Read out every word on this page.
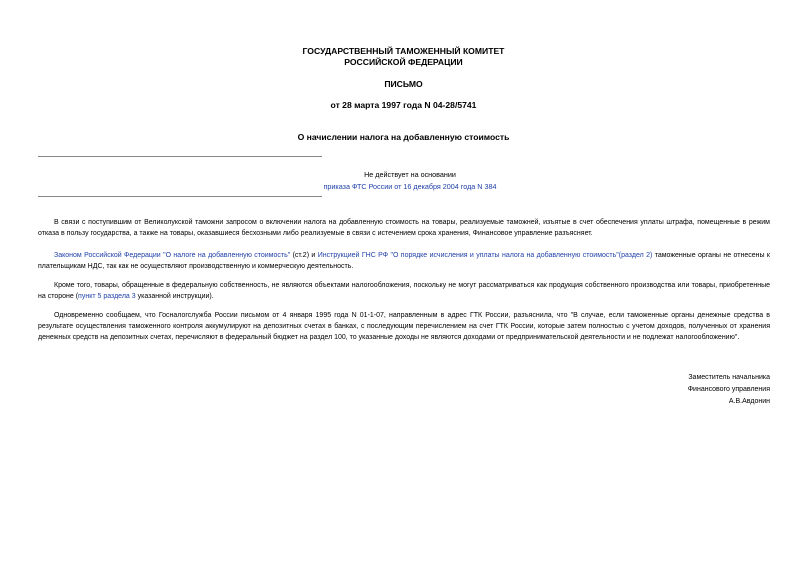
ГОСУДАРСТВЕННЫЙ ТАМОЖЕННЫЙ КОМИТЕТ
РОССИЙСКОЙ ФЕДЕРАЦИИ
ПИСЬМО
от 28 марта 1997 года N 04-28/5741
О начислении налога на добавленную стоимость
Не действует на основании
приказа ФТС России от 16 декабря 2004 года N 384

В связи с поступившим от Великолукской таможни запросом о включении налога на добавленную стоимость на товары, реализуемые таможней, изъятые в счет обеспечения уплаты штрафа, помещенные в режим отказа в пользу государства, а также на товары, оказавшиеся бесхозными либо реализуемые в связи с истечением срока хранения, Финансовое управление разъясняет.

Законом Российской Федерации "О налоге на добавленную стоимость" (ст.2) и Инструкцией ГНС РФ "О порядке исчисления и уплаты налога на добавленную стоимость"(раздел 2) таможенные органы не отнесены к плательщикам НДС, так как не осуществляют производственную и коммерческую деятельность.

Кроме того, товары, обращенные в федеральную собственность, не являются объектами налогообложения, поскольку не могут рассматриваться как продукция собственного производства или товары, приобретенные на стороне (пункт 5 раздела 3 указанной инструкции).

Одновременно сообщаем, что Госналогслужба России письмом от 4 января 1995 года N 01-1-07, направленным в адрес ГТК России, разъяснила, что "В случае, если таможенные органы денежные средства в результате осуществления таможенного контроля аккумулируют на депозитных счетах в банках, с последующим перечислением на счет ГТК России, которые затем полностью с учетом доходов, полученных от хранения денежных средств на депозитных счетах, перечисляют в федеральный бюджет на раздел 100, то указанные доходы не являются доходами от предпринимательской деятельности и не подлежат налогообложению".

Заместитель начальника
Финансового управления
А.В.Авдонин
